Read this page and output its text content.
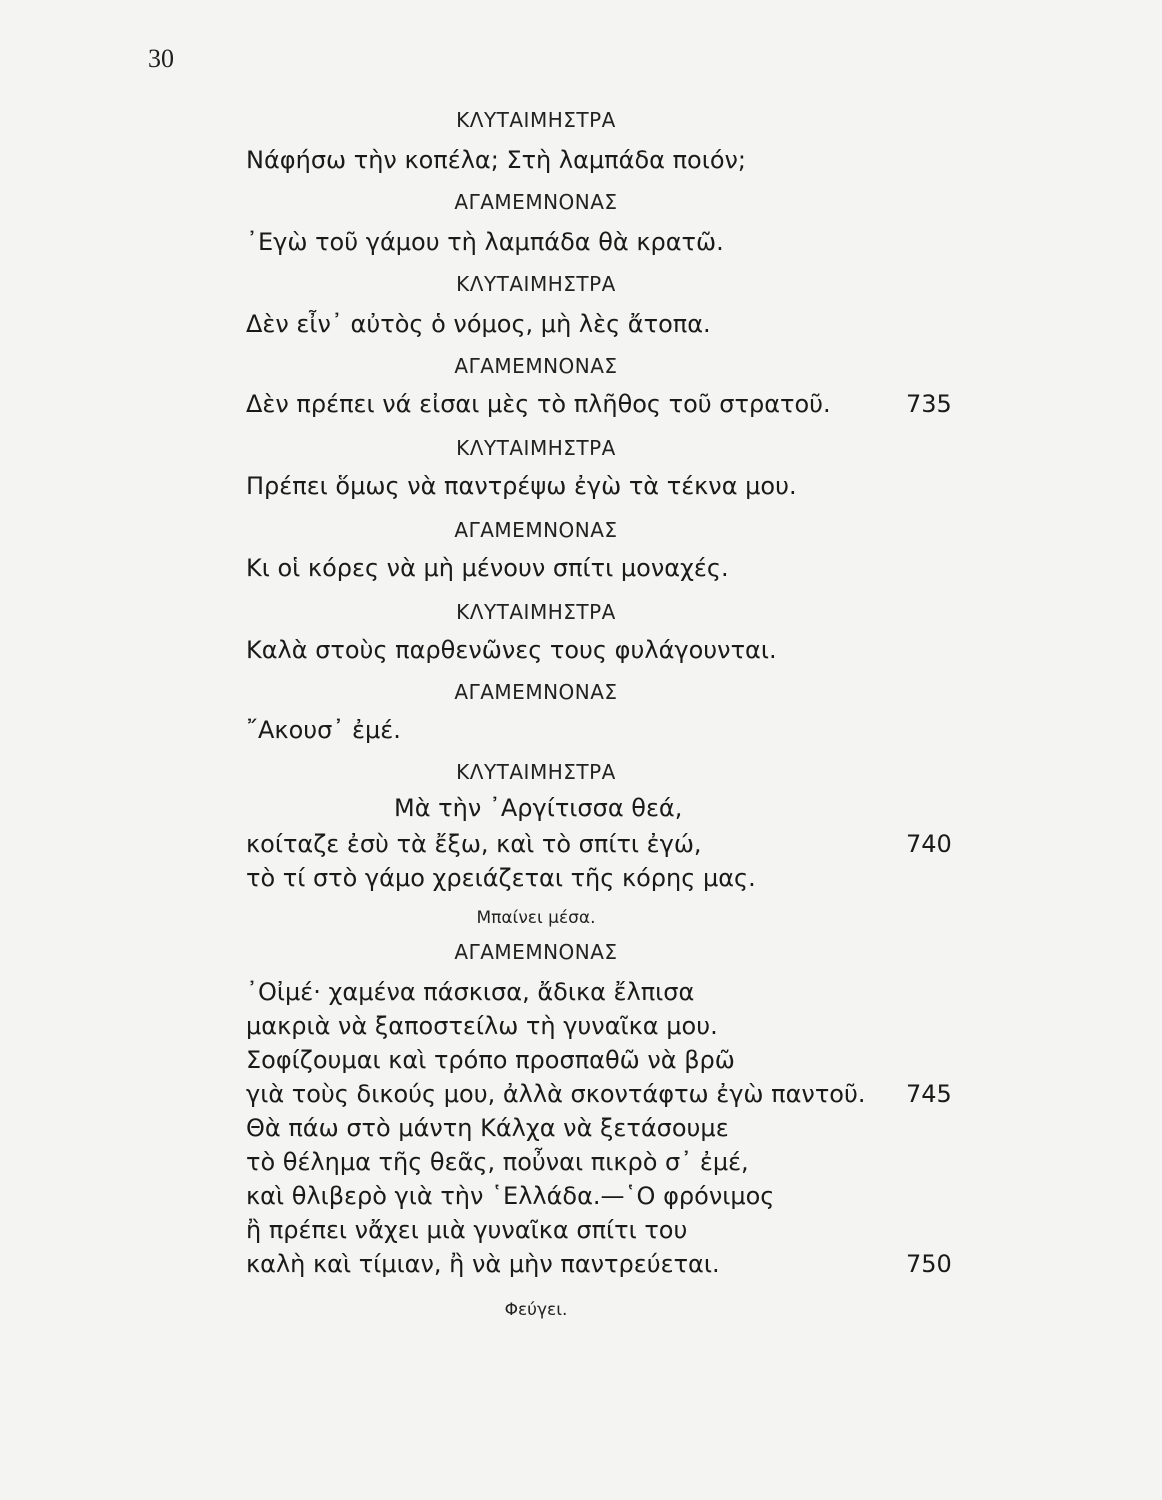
30
ΚΛΥΤΑΙΜΗΣΤΡΑ
Νάφήσω τὴν κοπέλα; Στὴ λαμπάδα ποιόν;
ΑΓΑΜΕΜΝΟΝΑΣ
᾿Εγὼ τοῦ γάμου τὴ λαμπάδα θὰ κρατῶ.
ΚΛΥΤΑΙΜΗΣΤΡΑ
Δὲν εἶν᾿ αὐτὸς ὁ νόμος, μὴ λὲς ἄτοπα.
ΑΓΑΜΕΜΝΟΝΑΣ
Δὲν πρέπει νά εἰσαι μὲς τὸ πλῆθος τοῦ στρατοῦ.	735
ΚΛΥΤΑΙΜΗΣΤΡΑ
Πρέπει ὅμως νὰ παντρέψω ἐγὼ τὰ τέκνα μου.
ΑΓΑΜΕΜΝΟΝΑΣ
Κι οἱ κόρες νὰ μὴ μένουν σπίτι μοναχές.
ΚΛΥΤΑΙΜΗΣΤΡΑ
Καλὰ στοὺς παρθενῶνες τους φυλάγουνται.
ΑΓΑΜΕΜΝΟΝΑΣ
῎Ακουσ᾿ ἐμέ.
ΚΛΥΤΑΙΜΗΣΤΡΑ
Μὰ τὴν ᾿Αργίτισσα θεά,
κοίταζε ἐσὺ τὰ ἔξω, καὶ τὸ σπίτι ἐγώ,	740
τὸ τί στὸ γάμο χρειάζεται τῆς κόρης μας.
Μπαίνει μέσα.
ΑΓΑΜΕΜΝΟΝΑΣ
᾿Οἰμέ· χαμένα πάσκισα, ἄδικα ἔλπισα
μακριὰ νὰ ξαποστείλω τὴ γυναῖκα μου.
Σοφίζουμαι καὶ τρόπο προσπαθῶ νὰ βρῶ
γιὰ τοὺς δικούς μου, ἀλλὰ σκοντάφτω ἐγὼ παντοῦ. 745
Θὰ πάω στὸ μάντη Κάλχα νὰ ξετάσουμε
τὸ θέλημα τῆς θεᾶς, ποὖναι πικρὸ σ᾿ ἐμέ,
καὶ θλιβερὸ γιὰ τὴν ῾Ελλάδα.—῾Ο φρόνιμος
ἢ πρέπει νἄχει μιὰ γυναῖκα σπίτι του
καλὴ καὶ τίμιαν, ἢ νὰ μὴν παντρεύεται.	750
Φεύγει.
